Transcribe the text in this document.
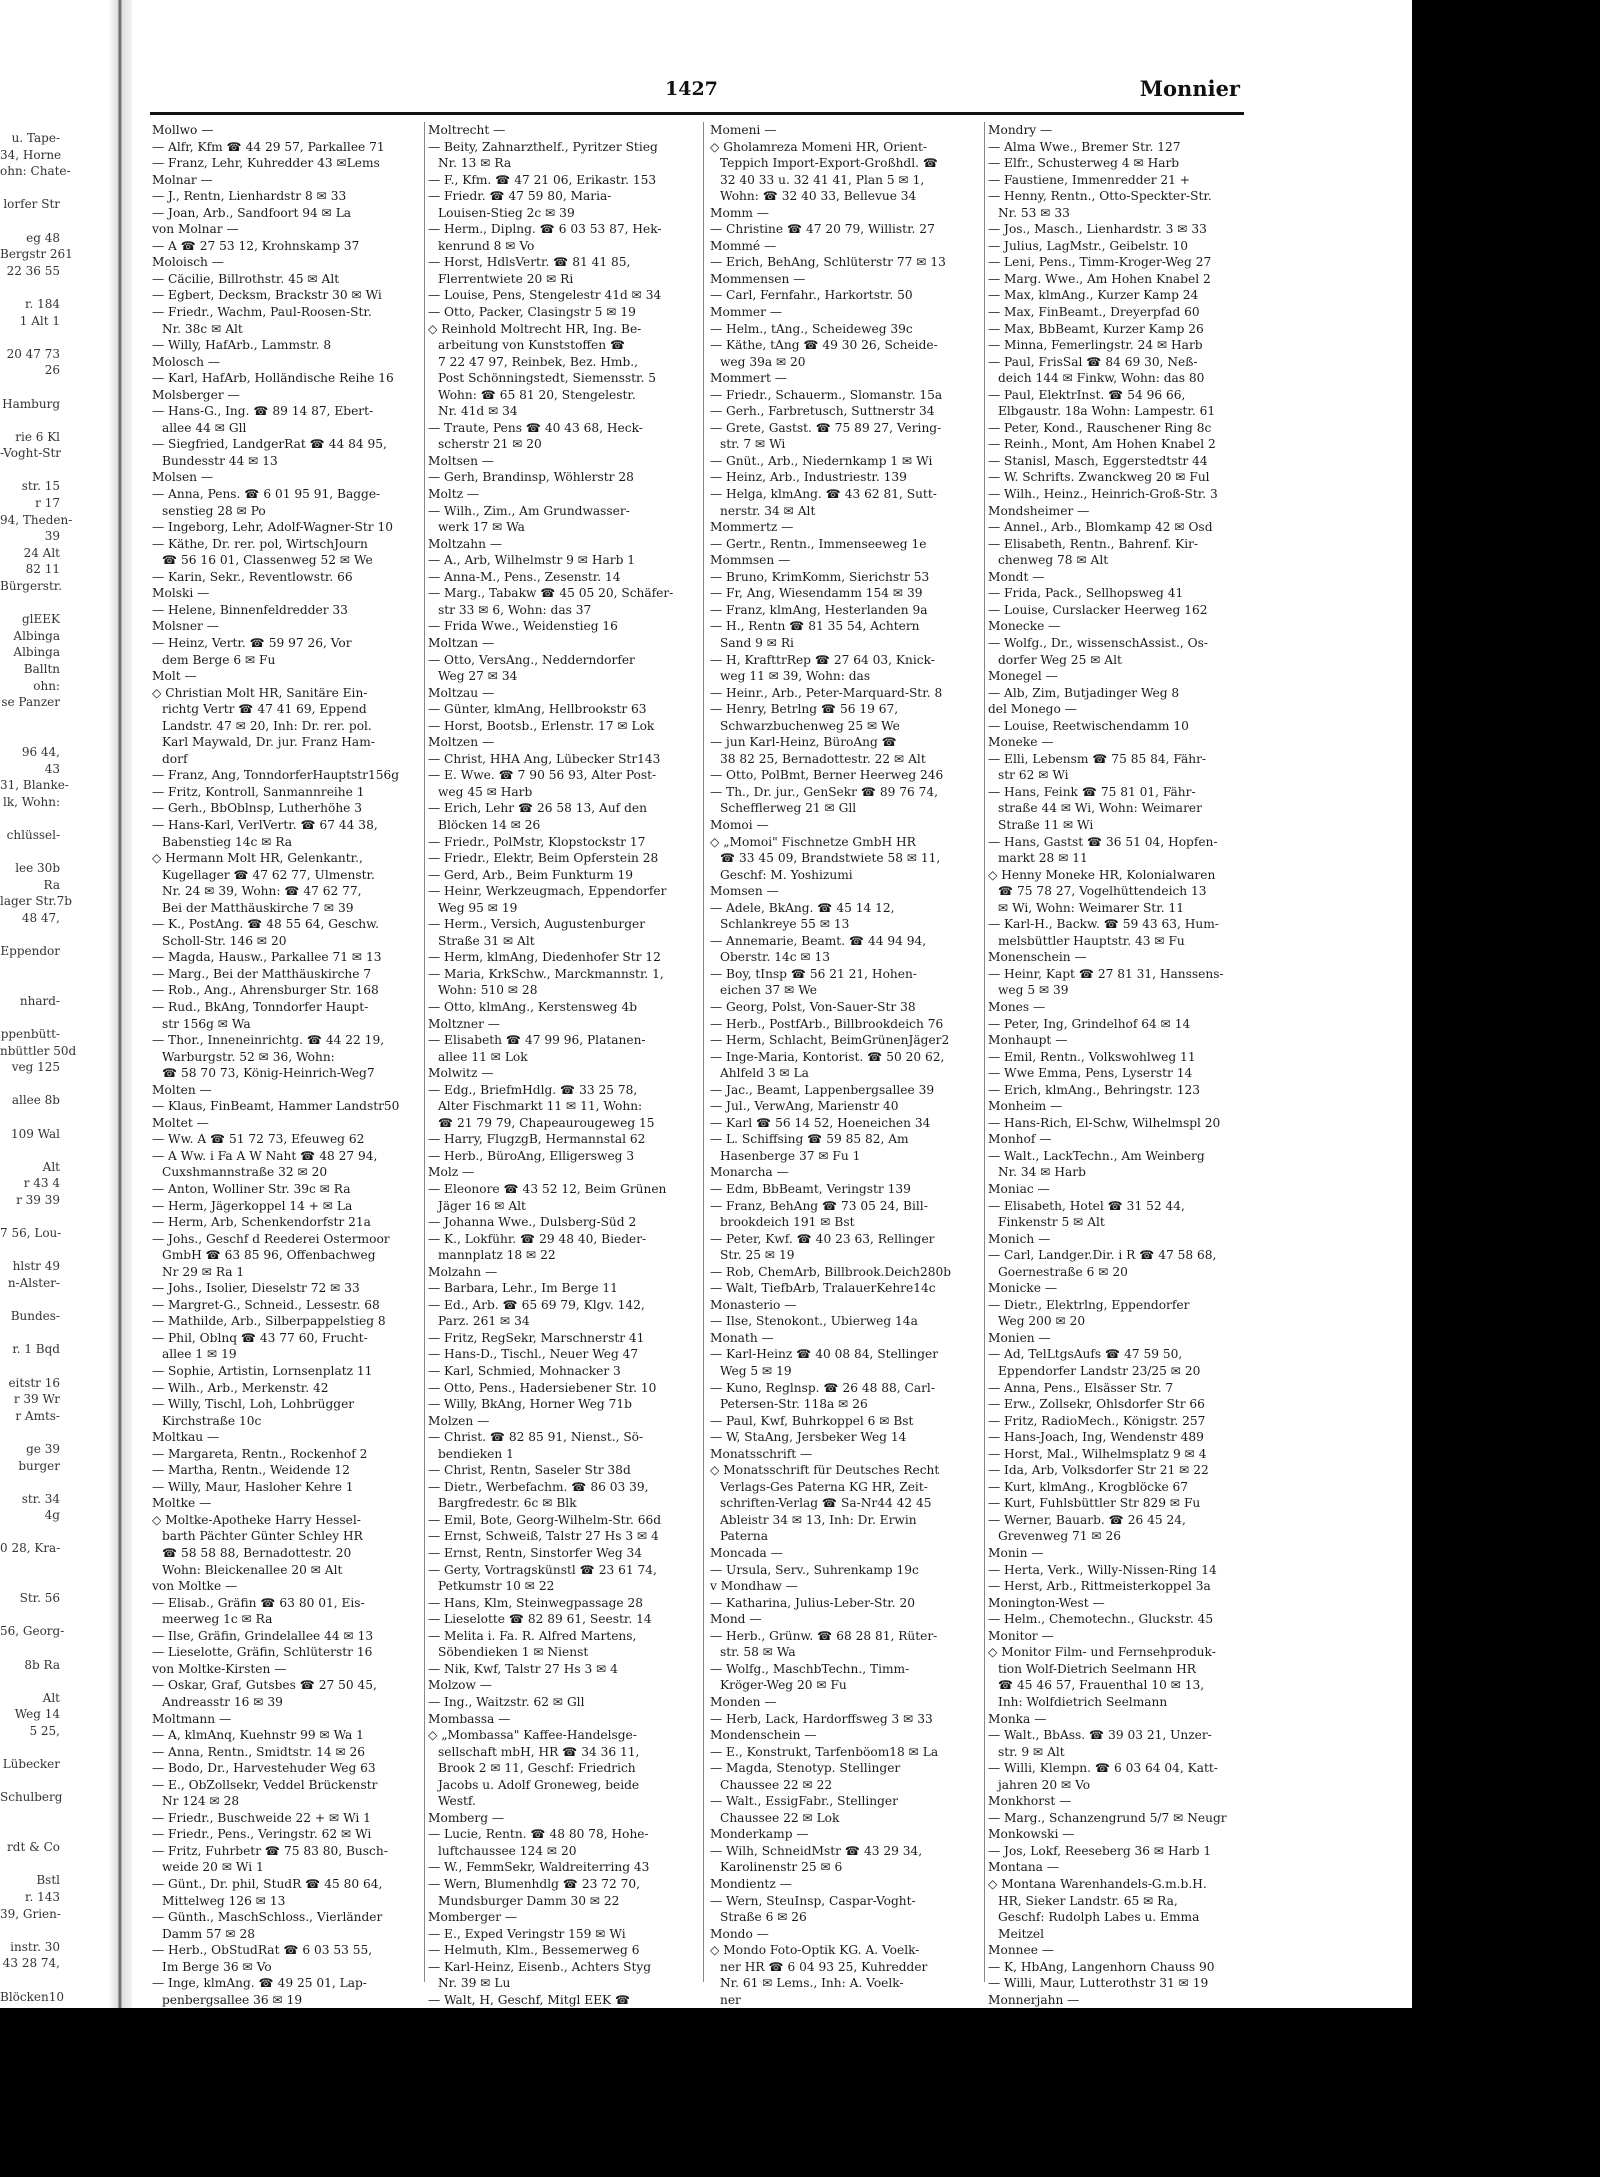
u. Tape-
34, Horne
ohn: Chate-

lorfer Str

eg 48
Bergstr 261
22 36 55

r. 184
1 Alt 1

20 47 73
26

Hamburg

rie 6 Kl
-Voght-Str

str. 15
r 17
94, Theden-
39
24 Alt
82 11
Bürgerstr.

glEEK
Albinga
Albinga
Balltn
ohn:
se Panzer

96 44,
43
31, Blanke-
lk, Wohn:

chlüssel-

lee 30b
Ra
lager Str.7b
48 47,

Eppendor

nhard-

ppenbütt-
nbüttler 50d
veg 125

allee 8b

109 Wal

Alt
r 43 4
r 39 39

7 56, Lou-

hlstr 49
n-Alster-

Bundes-

r. 1 Bqd

eitstr 16
r 39 Wr
r Amts-

ge 39
burger

str. 34
4g

0 28, Kra-

Str. 56

56, Georg-

8b Ra

Alt
Weg 14
5 25,

Lübecker

Schulberg

rdt & Co

Bstl
r. 143
39, Grien-

instr. 30
43 28 74,

Blöcken10

1427	Monnier
Mollwo —
— Alfr, Kfm ☎ 44 29 57, Parkallee 71
— Franz, Lehr, Kuhredder 43 ✉Lems
Molnar —
— J., Rentn, Lienhardstr 8 ✉ 33
— Joan, Arb., Sandfoort 94 ✉ La
von Molnar —
— A ☎ 27 53 12, Krohnskamp 37
Moloisch —
— Cäcilie, Billrothstr. 45 ✉ Alt
— Egbert, Decksm, Brackstr 30 ✉ Wi
— Friedr., Wachm, Paul-Roosen-Str.
Nr. 38c ✉ Alt
— Willy, HafArb., Lammstr. 8
Molosch —
— Karl, HafArb, Holländische Reihe 16
Molsberger —
— Hans-G., Ing. ☎ 89 14 87, Ebert-
allee 44 ✉ Gll
— Siegfried, LandgerRat ☎ 44 84 95,
Bundesstr 44 ✉ 13
Molsen —
— Anna, Pens. ☎ 6 01 95 91, Bagge-
senstieg 28 ✉ Po
— Ingeborg, Lehr, Adolf-Wagner-Str 10
— Käthe, Dr. rer. pol, WirtschJourn
☎ 56 16 01, Classenweg 52 ✉ We
— Karin, Sekr., Reventlowstr. 66
Molski —
— Helene, Binnenfeldredder 33
Molsner —
— Heinz, Vertr. ☎ 59 97 26, Vor
dem Berge 6 ✉ Fu
Molt —
◇ Christian Molt HR, Sanitäre Ein-
richtg Vertr ☎ 47 41 69, Eppend
Landstr. 47 ✉ 20, Inh: Dr. rer. pol.
Karl Maywald, Dr. jur. Franz Ham-
dorf
— Franz, Ang, TonndorferHauptstr156g
— Fritz, Kontroll, Sanmannreihe 1
— Gerh., BbOblnsp, Lutherhöhe 3
— Hans-Karl, VerlVertr. ☎ 67 44 38,
Babenstieg 14c ✉ Ra
◇ Hermann Molt HR, Gelenkantr.,
Kugellager ☎ 47 62 77, Ulmenstr.
Nr. 24 ✉ 39, Wohn: ☎ 47 62 77,
Bei der Matthäuskirche 7 ✉ 39
— K., PostAng. ☎ 48 55 64, Geschw.
Scholl-Str. 146 ✉ 20
— Magda, Hausw., Parkallee 71 ✉ 13
— Marg., Bei der Matthäuskirche 7
— Rob., Ang., Ahrensburger Str. 168
— Rud., BkAng, Tonndorfer Haupt-
str 156g ✉ Wa
— Thor., Inneneinrichtg. ☎ 44 22 19,
Warburgstr. 52 ✉ 36, Wohn:
☎ 58 70 73, König-Heinrich-Weg7
Molten —
— Klaus, FinBeamt, Hammer Landstr50
Moltet —
— Ww. A ☎ 51 72 73, Efeuweg 62
— A Ww. i Fa A W Naht ☎ 48 27 94,
Cuxshmannstraße 32 ✉ 20
— Anton, Wolliner Str. 39c ✉ Ra
— Herm, Jägerkoppel 14 + ✉ La
— Herm, Arb, Schenkendorfstr 21a
— Johs., Geschf d Reederei Ostermoor
GmbH ☎ 63 85 96, Offenbachweg
Nr 29 ✉ Ra 1
— Johs., Isolier, Dieselstr 72 ✉ 33
— Margret-G., Schneid., Lessestr. 68
— Mathilde, Arb., Silberpappelstieg 8
— Phil, Oblnq ☎ 43 77 60, Frucht-
allee 1 ✉ 19
— Sophie, Artistin, Lornsenplatz 11
— Wilh., Arb., Merkenstr. 42
— Willy, Tischl, Loh, Lohbrügger
Kirchstraße 10c
Moltkau —
— Margareta, Rentn., Rockenhof 2
— Martha, Rentn., Weidende 12
— Willy, Maur, Hasloher Kehre 1
Moltke —
◇ Moltke-Apotheke Harry Hessel-
barth Pächter Günter Schley HR
☎ 58 58 88, Bernadottestr. 20
Wohn: Bleickenallee 20 ✉ Alt
von Moltke —
— Elisab., Gräfin ☎ 63 80 01, Eis-
meerweg 1c ✉ Ra
— Ilse, Gräfin, Grindelallee 44 ✉ 13
— Lieselotte, Gräfin, Schlüterstr 16
von Moltke-Kirsten —
— Oskar, Graf, Gutsbes ☎ 27 50 45,
Andreasstr 16 ✉ 39
Moltmann —
— A, klmAnq, Kuehnstr 99 ✉ Wa 1
— Anna, Rentn., Smidtstr. 14 ✉ 26
— Bodo, Dr., Harvestehuder Weg 63
— E., ObZollsekr, Veddel Brückenstr
Nr 124 ✉ 28
— Friedr., Buschweide 22 + ✉ Wi 1
— Friedr., Pens., Veringstr. 62 ✉ Wi
— Fritz, Fuhrbetr ☎ 75 83 80, Busch-
weide 20 ✉ Wi 1
— Günt., Dr. phil, StudR ☎ 45 80 64,
Mittelweg 126 ✉ 13
— Günth., MaschSchloss., Vierländer
Damm 57 ✉ 28
— Herb., ObStudRat ☎ 6 03 53 55,
Im Berge 36 ✉ Vo
— Inge, klmAng. ☎ 49 25 01, Lap-
penbergsallee 36 ✉ 19
Moltrecht —
— Beity, Zahnarzthelf., Pyritzer Stieg
Nr. 13 ✉ Ra
— F., Kfm. ☎ 47 21 06, Erikastr. 153
— Friedr. ☎ 47 59 80, Maria-
Louisen-Stieg 2c ✉ 39
— Herm., Diplng. ☎ 6 03 53 87, Hek-
kenrund 8 ✉ Vo
— Horst, HdlsVertr. ☎ 81 41 85,
Flerrentwiete 20 ✉ Ri
— Louise, Pens, Stengelestr 41d ✉ 34
— Otto, Packer, Clasingstr 5 ✉ 19
◇ Reinhold Moltrecht HR, Ing. Be-
arbeitung von Kunststoffen ☎
7 22 47 97, Reinbek, Bez. Hmb.,
Post Schönningstedt, Siemensstr. 5
Wohn: ☎ 65 81 20, Stengelestr.
Nr. 41d ✉ 34
— Traute, Pens ☎ 40 43 68, Heck-
scherstr 21 ✉ 20
Moltsen —
— Gerh, Brandinsp, Wöhlerstr 28
Moltz —
— Wilh., Zim., Am Grundwasser-
werk 17 ✉ Wa
Moltzahn —
— A., Arb, Wilhelmstr 9 ✉ Harb 1
— Anna-M., Pens., Zesenstr. 14
— Marg., Tabakw ☎ 45 05 20, Schäfer-
str 33 ✉ 6, Wohn: das 37
— Frida Wwe., Weidenstieg 16
Moltzan —
— Otto, VersAng., Nedderndorfer
Weg 27 ✉ 34
Moltzau —
— Günter, klmAng, Hellbrookstr 63
— Horst, Bootsb., Erlenstr. 17 ✉ Lok
Moltzen —
— Christ, HHA Ang, Lübecker Str143
— E. Wwe. ☎ 7 90 56 93, Alter Post-
weg 45 ✉ Harb
— Erich, Lehr ☎ 26 58 13, Auf den
Blöcken 14 ✉ 26
— Friedr., PolMstr, Klopstockstr 17
— Friedr., Elektr, Beim Opferstein 28
— Gerd, Arb., Beim Funkturm 19
— Heinr, Werkzeugmach, Eppendorfer
Weg 95 ✉ 19
— Herm., Versich, Augustenburger
Straße 31 ✉ Alt
— Herm, klmAng, Diedenhofer Str 12
— Maria, KrkSchw., Marckmannstr. 1,
Wohn: 510 ✉ 28
— Otto, klmAng., Kerstensweg 4b
Moltzner —
— Elisabeth ☎ 47 99 96, Platanen-
allee 11 ✉ Lok
Molwitz —
— Edg., BriefmHdlg. ☎ 33 25 78,
Alter Fischmarkt 11 ✉ 11, Wohn:
☎ 21 79 79, Chapeaurougeweg 15
— Harry, FlugzgB, Hermannstal 62
— Herb., BüroAng, Elligersweg 3
Molz —
— Eleonore ☎ 43 52 12, Beim Grünen
Jäger 16 ✉ Alt
— Johanna Wwe., Dulsberg-Süd 2
— K., Lokführ. ☎ 29 48 40, Bieder-
mannplatz 18 ✉ 22
Molzahn —
— Barbara, Lehr., Im Berge 11
— Ed., Arb. ☎ 65 69 79, Klgv. 142,
Parz. 261 ✉ 34
— Fritz, RegSekr, Marschnerstr 41
— Hans-D., Tischl., Neuer Weg 47
— Karl, Schmied, Mohnacker 3
— Otto, Pens., Hadersiebener Str. 10
— Willy, BkAng, Horner Weg 71b
Molzen —
— Christ. ☎ 82 85 91, Nienst., Sö-
bendieken 1
— Christ, Rentn, Saseler Str 38d
— Dietr., Werbefachm. ☎ 86 03 39,
Bargfredestr. 6c ✉ Blk
— Emil, Bote, Georg-Wilhelm-Str. 66d
— Ernst, Schweiß, Talstr 27 Hs 3 ✉ 4
— Ernst, Rentn, Sinstorfer Weg 34
— Gerty, Vortragskünstl ☎ 23 61 74,
Petkumstr 10 ✉ 22
— Hans, Klm, Steinwegpassage 28
— Lieselotte ☎ 82 89 61, Seestr. 14
— Melita i. Fa. R. Alfred Martens,
Söbendieken 1 ✉ Nienst
— Nik, Kwf, Talstr 27 Hs 3 ✉ 4
Molzow —
— Ing., Waitzstr. 62 ✉ Gll
Mombassa —
◇ „Mombassa" Kaffee-Handelsge-
sellschaft mbH, HR ☎ 34 36 11,
Brook 2 ✉ 11, Geschf: Friedrich
Jacobs u. Adolf Groneweg, beide
Westf.
Momberg —
— Lucie, Rentn. ☎ 48 80 78, Hohe-
luftchaussee 124 ✉ 20
— W., FemmSekr, Waldreiterring 43
— Wern, Blumenhdlg ☎ 23 72 70,
Mundsburger Damm 30 ✉ 22
Momberger —
— E., Exped Veringstr 159 ✉ Wi
— Helmuth, Klm., Bessemerweg 6
— Karl-Heinz, Eisenb., Achters Styg
Nr. 39 ✉ Lu
— Walt, H, Geschf, Mitgl EEK ☎
Momeni —
◇ Gholamreza Momeni HR, Orient-
Teppich Import-Export-Großhdl. ☎
32 40 33 u. 32 41 41, Plan 5 ✉ 1,
Wohn: ☎ 32 40 33, Bellevue 34
Momm —
— Christine ☎ 47 20 79, Willistr. 27
Mommé —
— Erich, BehAng, Schlüterstr 77 ✉ 13
Mommensen —
— Carl, Fernfahr., Harkortstr. 50
Mommer —
— Helm., tAng., Scheideweg 39c
— Käthe, tAng ☎ 49 30 26, Scheide-
weg 39a ✉ 20
Mommert —
— Friedr., Schauerm., Slomanstr. 15a
— Gerh., Farbretusch, Suttnerstr 34
— Grete, Gastst. ☎ 75 89 27, Vering-
str. 7 ✉ Wi
— Gnüt., Arb., Niedernkamp 1 ✉ Wi
— Heinz, Arb., Industriestr. 139
— Helga, klmAng. ☎ 43 62 81, Sutt-
nerstr. 34 ✉ Alt
Mommertz —
— Gertr., Rentn., Immenseeweg 1e
Mommsen —
— Bruno, KrimKomm, Sierichstr 53
— Fr, Ang, Wiesendamm 154 ✉ 39
— Franz, klmAng, Hesterlanden 9a
— H., Rentn ☎ 81 35 54, Achtern
Sand 9 ✉ Ri
— H, KrafttrRep ☎ 27 64 03, Knick-
weg 11 ✉ 39, Wohn: das
— Heinr., Arb., Peter-Marquard-Str. 8
— Henry, Betrlng ☎ 56 19 67,
Schwarzbuchenweg 25 ✉ We
— jun Karl-Heinz, BüroAng ☎
38 82 25, Bernadottestr. 22 ✉ Alt
— Otto, PolBmt, Berner Heerweg 246
— Th., Dr. jur., GenSekr ☎ 89 76 74,
Schefflerweg 21 ✉ Gll
Momoi —
◇ „Momoi" Fischnetze GmbH HR
☎ 33 45 09, Brandstwiete 58 ✉ 11,
Geschf: M. Yoshizumi
Momsen —
— Adele, BkAng. ☎ 45 14 12,
Schlankreye 55 ✉ 13
— Annemarie, Beamt. ☎ 44 94 94,
Oberstr. 14c ✉ 13
— Boy, tInsp ☎ 56 21 21, Hohen-
eichen 37 ✉ We
— Georg, Polst, Von-Sauer-Str 38
— Herb., PostfArb., Billbrookdeich 76
— Herm, Schlacht, BeimGrünenJäger2
— Inge-Maria, Kontorist. ☎ 50 20 62,
Ahlfeld 3 ✉ La
— Jac., Beamt, Lappenbergsallee 39
— Jul., VerwAng, Marienstr 40
— Karl ☎ 56 14 52, Hoeneichen 34
— L. Schiffsing ☎ 59 85 82, Am
Hasenberge 37 ✉ Fu 1
Monarcha —
— Edm, BbBeamt, Veringstr 139
— Franz, BehAng ☎ 73 05 24, Bill-
brookdeich 191 ✉ Bst
— Peter, Kwf. ☎ 40 23 63, Rellinger
Str. 25 ✉ 19
— Rob, ChemArb, Billbrook.Deich280b
— Walt, TiefbArb, TralauerKehre14c
Monasterio —
— Ilse, Stenokont., Ubierweg 14a
Monath —
— Karl-Heinz ☎ 40 08 84, Stellinger
Weg 5 ✉ 19
— Kuno, Reglnsp. ☎ 26 48 88, Carl-
Petersen-Str. 118a ✉ 26
— Paul, Kwf, Buhrkoppel 6 ✉ Bst
— W, StaAng, Jersbeker Weg 14
Monatsschrift —
◇ Monatsschrift für Deutsches Recht
Verlags-Ges Paterna KG HR, Zeit-
schriften-Verlag ☎ Sa-Nr44 42 45
Ableistr 34 ✉ 13, Inh: Dr. Erwin
Paterna
Moncada —
— Ursula, Serv., Suhrenkamp 19c
v Mondhaw —
— Katharina, Julius-Leber-Str. 20
Mond —
— Herb., Grünw. ☎ 68 28 81, Rüter-
str. 58 ✉ Wa
— Wolfg., MaschbTechn., Timm-
Kröger-Weg 20 ✉ Fu
Monden —
— Herb, Lack, Hardorffsweg 3 ✉ 33
Mondenschein —
— E., Konstrukt, Tarfenböom18 ✉ La
— Magda, Stenotyp. Stellinger
Chaussee 22 ✉ 22
— Walt., EssigFabr., Stellinger
Chaussee 22 ✉ Lok
Monderkamp —
— Wilh, SchneidMstr ☎ 43 29 34,
Karolinenstr 25 ✉ 6
Mondientz —
— Wern, SteuInsp, Caspar-Voght-
Straße 6 ✉ 26
Mondo —
◇ Mondo Foto-Optik KG. A. Voelk-
ner HR ☎ 6 04 93 25, Kuhredder
Nr. 61 ✉ Lems., Inh: A. Voelk-
ner
Mondry —
— Alma Wwe., Bremer Str. 127
— Elfr., Schusterweg 4 ✉ Harb
— Faustiene, Immenredder 21 +
— Henny, Rentn., Otto-Speckter-Str.
Nr. 53 ✉ 33
— Jos., Masch., Lienhardstr. 3 ✉ 33
— Julius, LagMstr., Geibelstr. 10
— Leni, Pens., Timm-Kroger-Weg 27
— Marg. Wwe., Am Hohen Knabel 2
— Max, klmAng., Kurzer Kamp 24
— Max, FinBeamt., Dreyerpfad 60
— Max, BbBeamt, Kurzer Kamp 26
— Minna, Femerlingstr. 24 ✉ Harb
— Paul, FrisSal ☎ 84 69 30, Neß-
deich 144 ✉ Finkw, Wohn: das 80
— Paul, ElektrInst. ☎ 54 96 66,
Elbgaustr. 18a Wohn: Lampestr. 61
— Peter, Kond., Rauschener Ring 8c
— Reinh., Mont, Am Hohen Knabel 2
— Stanisl, Masch, Eggerstedtstr 44
— W. Schrifts. Zwanckweg 20 ✉ Ful
— Wilh., Heinz., Heinrich-Groß-Str. 3
Mondsheimer —
— Annel., Arb., Blomkamp 42 ✉ Osd
— Elisabeth, Rentn., Bahrenf. Kir-
chenweg 78 ✉ Alt
Mondt —
— Frida, Pack., Sellhopsweg 41
— Louise, Curslacker Heerweg 162
Monecke —
— Wolfg., Dr., wissenschAssist., Os-
dorfer Weg 25 ✉ Alt
Monegel —
— Alb, Zim, Butjadinger Weg 8
del Monego —
— Louise, Reetwischendamm 10
Moneke —
— Elli, Lebensm ☎ 75 85 84, Fähr-
str 62 ✉ Wi
— Hans, Feink ☎ 75 81 01, Fähr-
straße 44 ✉ Wi, Wohn: Weimarer
Straße 11 ✉ Wi
— Hans, Gastst ☎ 36 51 04, Hopfen-
markt 28 ✉ 11
◇ Henny Moneke HR, Kolonialwaren
☎ 75 78 27, Vogelhüttendeich 13
✉ Wi, Wohn: Weimarer Str. 11
— Karl-H., Backw. ☎ 59 43 63, Hum-
melsbüttler Hauptstr. 43 ✉ Fu
Monenschein —
— Heinr, Kapt ☎ 27 81 31, Hanssens-
weg 5 ✉ 39
Mones —
— Peter, Ing, Grindelhof 64 ✉ 14
Monhaupt —
— Emil, Rentn., Volkswohlweg 11
— Wwe Emma, Pens, Lyserstr 14
— Erich, klmAng., Behringstr. 123
Monheim —
— Hans-Rich, El-Schw, Wilhelmspl 20
Monhof —
— Walt., LackTechn., Am Weinberg
Nr. 34 ✉ Harb
Moniac —
— Elisabeth, Hotel ☎ 31 52 44,
Finkenstr 5 ✉ Alt
Monich —
— Carl, Landger.Dir. i R ☎ 47 58 68,
Goernestraße 6 ✉ 20
Monicke —
— Dietr., Elektrlng, Eppendorfer
Weg 200 ✉ 20
Monien —
— Ad, TelLtgsAufs ☎ 47 59 50,
Eppendorfer Landstr 23/25 ✉ 20
— Anna, Pens., Elsässer Str. 7
— Erw., Zollsekr, Ohlsdorfer Str 66
— Fritz, RadioMech., Königstr. 257
— Hans-Joach, Ing, Wendenstr 489
— Horst, Mal., Wilhelmsplatz 9 ✉ 4
— Ida, Arb, Volksdorfer Str 21 ✉ 22
— Kurt, klmAng., Krogblöcke 67
— Kurt, Fuhlsbüttler Str 829 ✉ Fu
— Werner, Bauarb. ☎ 26 45 24,
Grevenweg 71 ✉ 26
Monin —
— Herta, Verk., Willy-Nissen-Ring 14
— Herst, Arb., Rittmeisterkoppel 3a
Monington-West —
— Helm., Chemotechn., Gluckstr. 45
Monitor —
◇ Monitor Film- und Fernsehproduk-
tion Wolf-Dietrich Seelmann HR
☎ 45 46 57, Frauenthal 10 ✉ 13,
Inh: Wolfdietrich Seelmann
Monka —
— Walt., BbAss. ☎ 39 03 21, Unzer-
str. 9 ✉ Alt
— Willi, Klempn. ☎ 6 03 64 04, Katt-
jahren 20 ✉ Vo
Monkhorst —
— Marg., Schanzengrund 5/7 ✉ Neugr
Monkowski —
— Jos, Lokf, Reeseberg 36 ✉ Harb 1
Montana —
◇ Montana Warenhandels-G.m.b.H.
HR, Sieker Landstr. 65 ✉ Ra,
Geschf: Rudolph Labes u. Emma
Meitzel
Monnee —
— K, HbAng, Langenhorn Chauss 90
— Willi, Maur, Lutterothstr 31 ✉ 19
Monnerjahn —
